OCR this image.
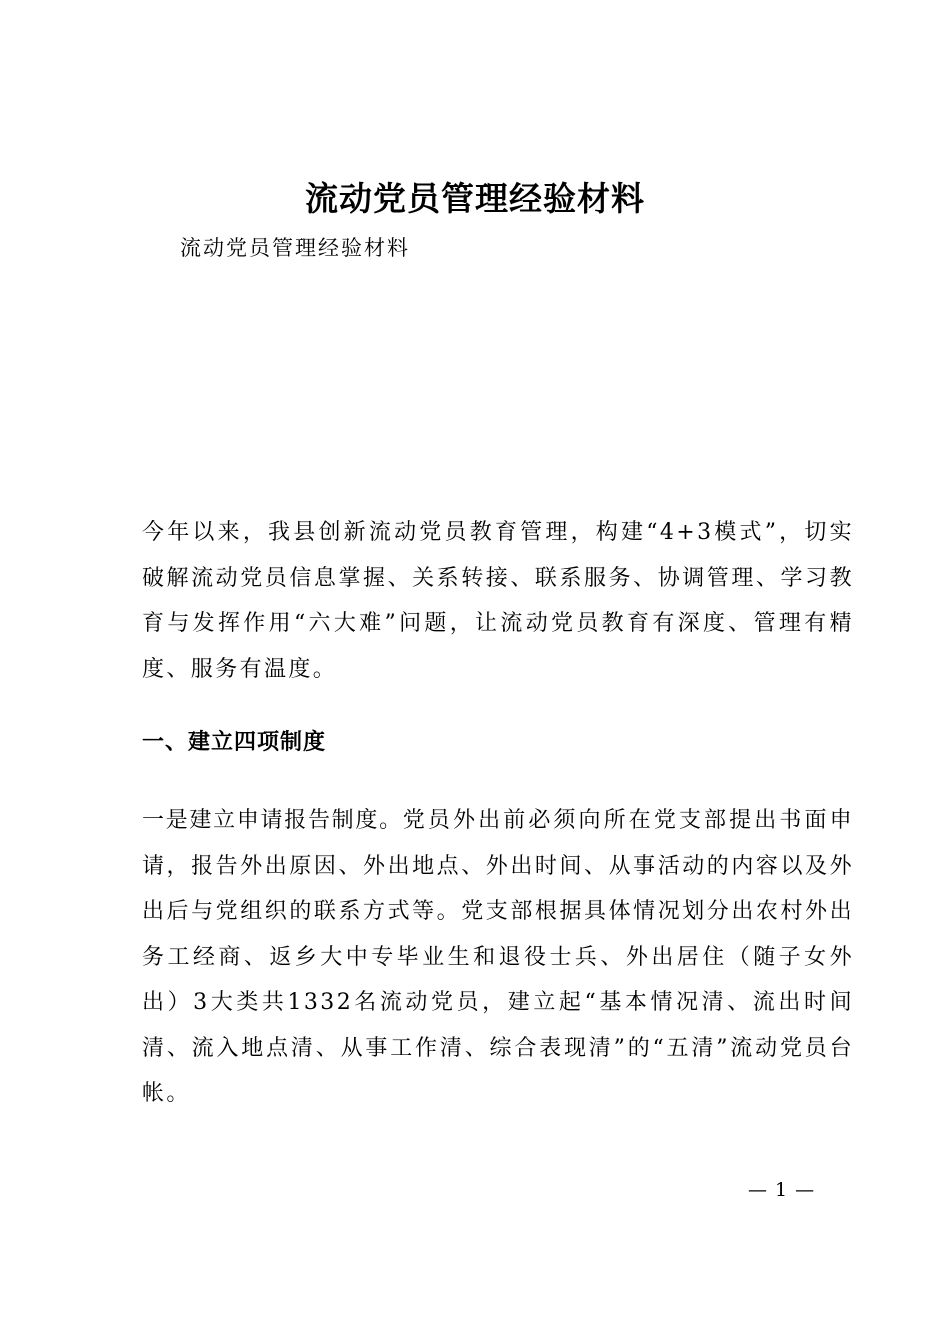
流动党员管理经验材料

流动党员管理经验材料

今年以来，我县创新流动党员教育管理，构建“4+3模式”，切实破解流动党员信息掌握、关系转接、联系服务、协调管理、学习教育与发挥作用“六大难”问题，让流动党员教育有深度、管理有精度、服务有温度。

一、建立四项制度

一是建立申请报告制度。党员外出前必须向所在党支部提出书面申请，报告外出原因、外出地点、外出时间、从事活动的内容以及外出后与党组织的联系方式等。党支部根据具体情况划分出农村外出务工经商、返乡大中专毕业生和退役士兵、外出居住（随子女外出）3大类共1332名流动党员，建立起“基本情况清、流出时间清、流入地点清、从事工作清、综合表现清”的“五清”流动党员台帐。

— 1 —
